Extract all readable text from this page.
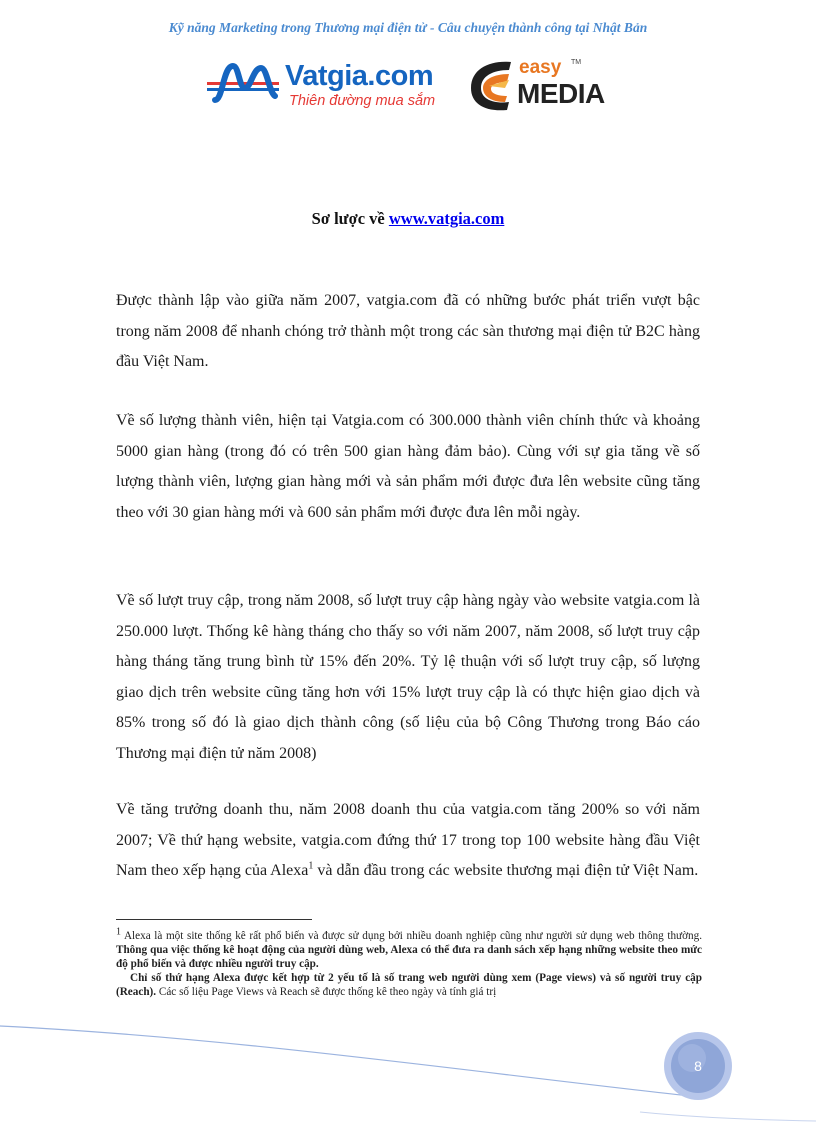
Kỹ năng Marketing trong Thương mại điện tử - Câu chuyện thành công tại Nhật Bản
Vatgia.com
Thiên đường mua sắm
easy TM
MEDIA
Sơ lược về www.vatgia.com

Được thành lập vào giữa năm 2007, vatgia.com đã có những bước phát triển vượt bậc trong năm 2008 để nhanh chóng trở thành một trong các sàn thương mại điện tử B2C hàng đầu Việt Nam.

Về số lượng thành viên, hiện tại Vatgia.com có 300.000 thành viên chính thức và khoảng 5000 gian hàng (trong đó có trên 500 gian hàng đảm bảo). Cùng với sự gia tăng về số lượng thành viên, lượng gian hàng mới và sản phẩm mới được đưa lên website cũng tăng theo với 30 gian hàng mới và 600 sản phẩm mới được đưa lên mỗi ngày.

Về số lượt truy cập, trong năm 2008, số lượt truy cập hàng ngày vào website vatgia.com là 250.000 lượt. Thống kê hàng tháng cho thấy so với năm 2007, năm 2008, số lượt truy cập hàng tháng tăng trung bình từ 15% đến 20%. Tỷ lệ thuận với số lượt truy cập, số lượng giao dịch trên website cũng tăng hơn với 15% lượt truy cập là có thực hiện giao dịch và 85% trong số đó là giao dịch thành công (số liệu của bộ Công Thương trong Báo cáo Thương mại điện tử năm 2008)

Về tăng trưởng doanh thu, năm 2008 doanh thu của vatgia.com tăng 200% so với năm 2007; Về thứ hạng website, vatgia.com đứng thứ 17 trong top 100 website hàng đầu Việt Nam theo xếp hạng của Alexa$^1$ và dẫn đầu trong các website thương mại điện tử Việt Nam.

$^1$ Alexa là một site thống kê rất phổ biến và được sử dụng bởi nhiều doanh nghiệp cũng như người sử dụng web thông thường. Thông qua việc thống kê hoạt động của người dùng web, Alexa có thể đưa ra danh sách xếp hạng những website theo mức độ phổ biến và được nhiều người truy cập.

Chỉ số thứ hạng Alexa được kết hợp từ 2 yếu tố là số trang web người dùng xem (Page views) và số người truy cập (Reach). Các số liệu Page Views và Reach sẽ được thống kê theo ngày và tính giá trị

8
